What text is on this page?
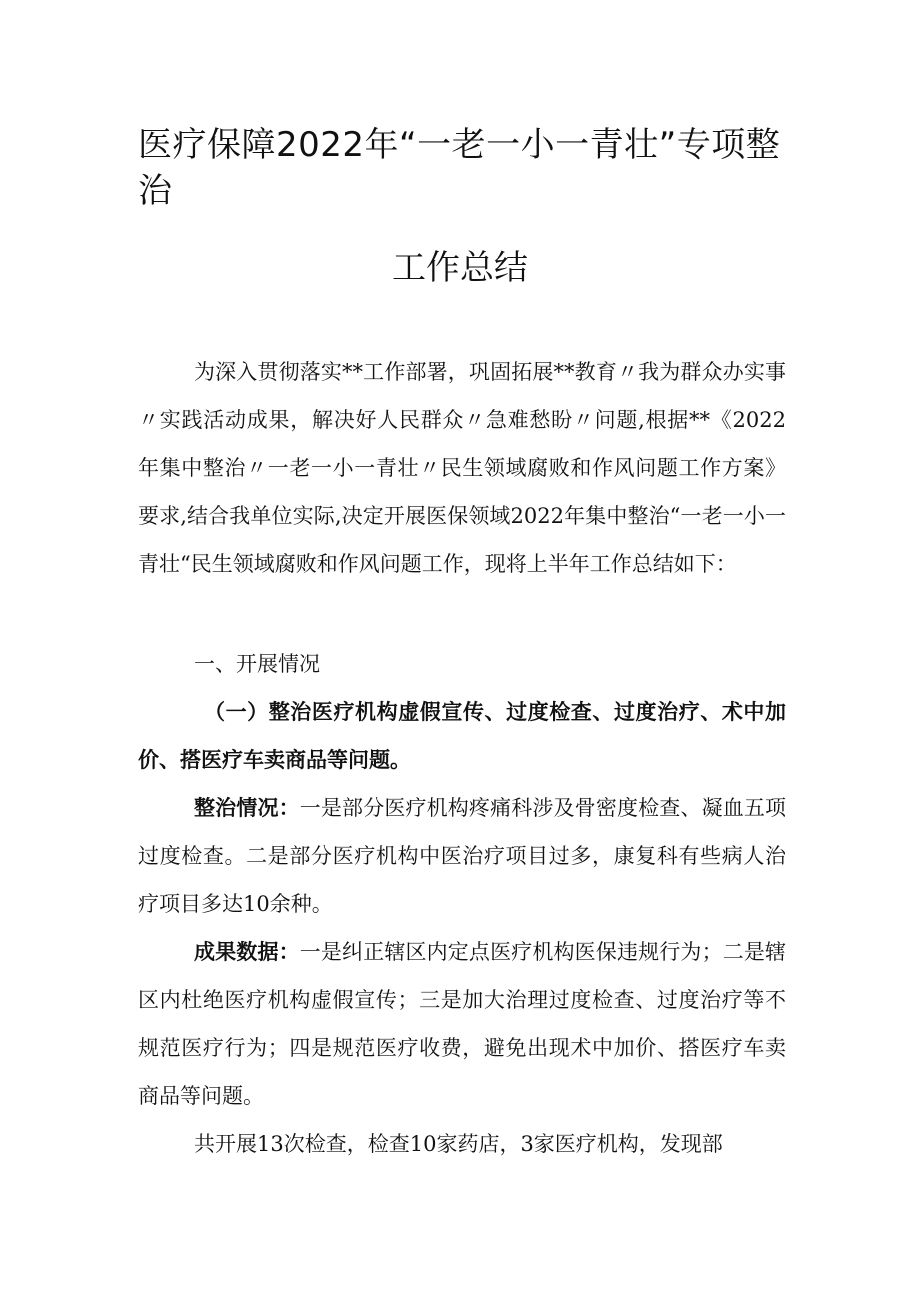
医疗保障2022年“一老一小一青壮”专项整
治
工作总结
为深入贯彻落实**工作部署，巩固拓展**教育〃我为群众办实事〃实践活动成果，解决好人民群众〃急难愁盼〃问题,根据**《2022年集中整治〃一老一小一青壮〃民生领域腐败和作风问题工作方案》要求,结合我单位实际,决定开展医保领域2022年集中整治“一老一小一青壮“民生领域腐败和作风问题工作，现将上半年工作总结如下：
一、开展情况
（一）整治医疗机构虚假宣传、过度检查、过度治疗、术中加价、搭医疗车卖商品等问题。
整治情况：一是部分医疗机构疼痛科涉及骨密度检查、凝血五项过度检查。二是部分医疗机构中医治疗项目过多，康复科有些病人治疗项目多达10余种。
成果数据：一是纠正辖区内定点医疗机构医保违规行为；二是辖区内杜绝医疗机构虚假宣传；三是加大治理过度检查、过度治疗等不规范医疗行为；四是规范医疗收费，避免出现术中加价、搭医疗车卖商品等问题。
共开展13次检查，检查10家药店，3家医疗机构，发现部
